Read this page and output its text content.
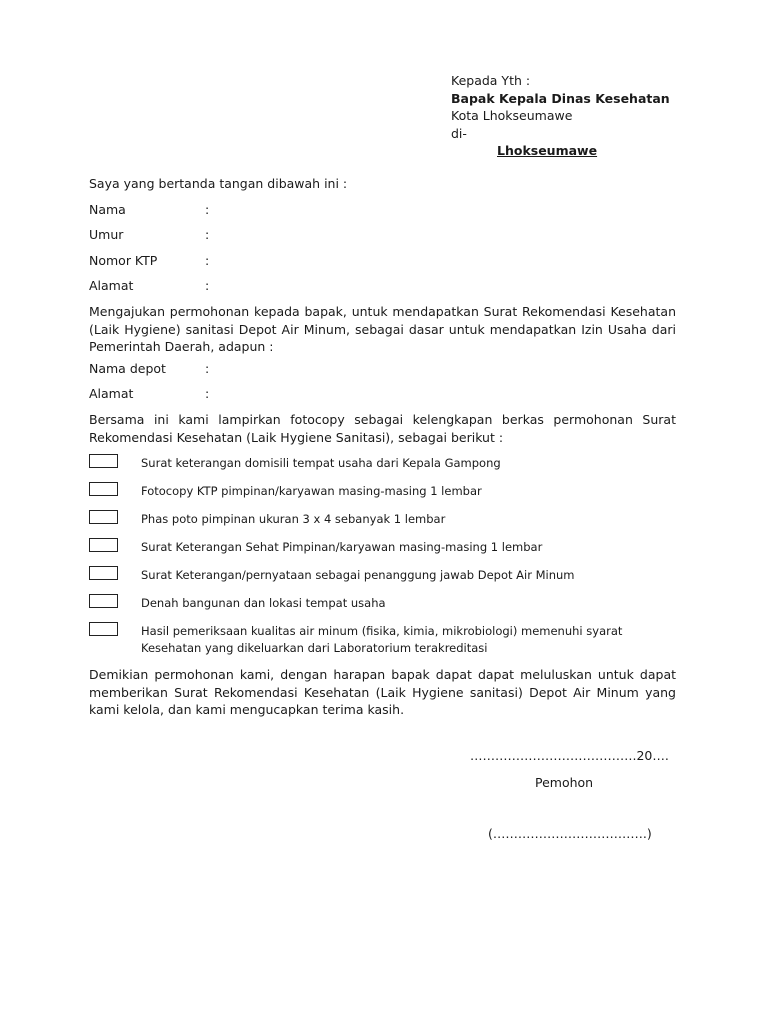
Kepada Yth :
Bapak Kepala Dinas Kesehatan
Kota Lhokseumawe
di-
Lhokseumawe
Saya yang bertanda tangan dibawah ini :
Nama	:
Umur	:
Nomor KTP	:
Alamat	:
Mengajukan permohonan kepada bapak, untuk mendapatkan Surat Rekomendasi Kesehatan (Laik Hygiene) sanitasi Depot Air Minum, sebagai dasar untuk mendapatkan Izin Usaha dari Pemerintah Daerah, adapun :
Nama depot	:
Alamat	:
Bersama ini kami lampirkan fotocopy sebagai kelengkapan berkas permohonan Surat Rekomendasi Kesehatan (Laik Hygiene Sanitasi), sebagai berikut :
Surat keterangan domisili tempat usaha dari Kepala Gampong
Fotocopy KTP pimpinan/karyawan masing-masing 1 lembar
Phas poto pimpinan ukuran 3 x 4 sebanyak 1 lembar
Surat Keterangan Sehat Pimpinan/karyawan masing-masing 1 lembar
Surat Keterangan/pernyataan sebagai penanggung jawab Depot Air Minum
Denah bangunan dan lokasi tempat usaha
Hasil pemeriksaan kualitas air minum (fisika, kimia, mikrobiologi) memenuhi syarat Kesehatan yang dikeluarkan dari Laboratorium terakreditasi
Demikian permohonan kami, dengan harapan bapak dapat dapat meluluskan untuk dapat memberikan Surat Rekomendasi Kesehatan (Laik Hygiene sanitasi) Depot Air Minum yang kami kelola, dan kami mengucapkan terima kasih.
………………………………….20….
Pemohon
(……………………………….)
